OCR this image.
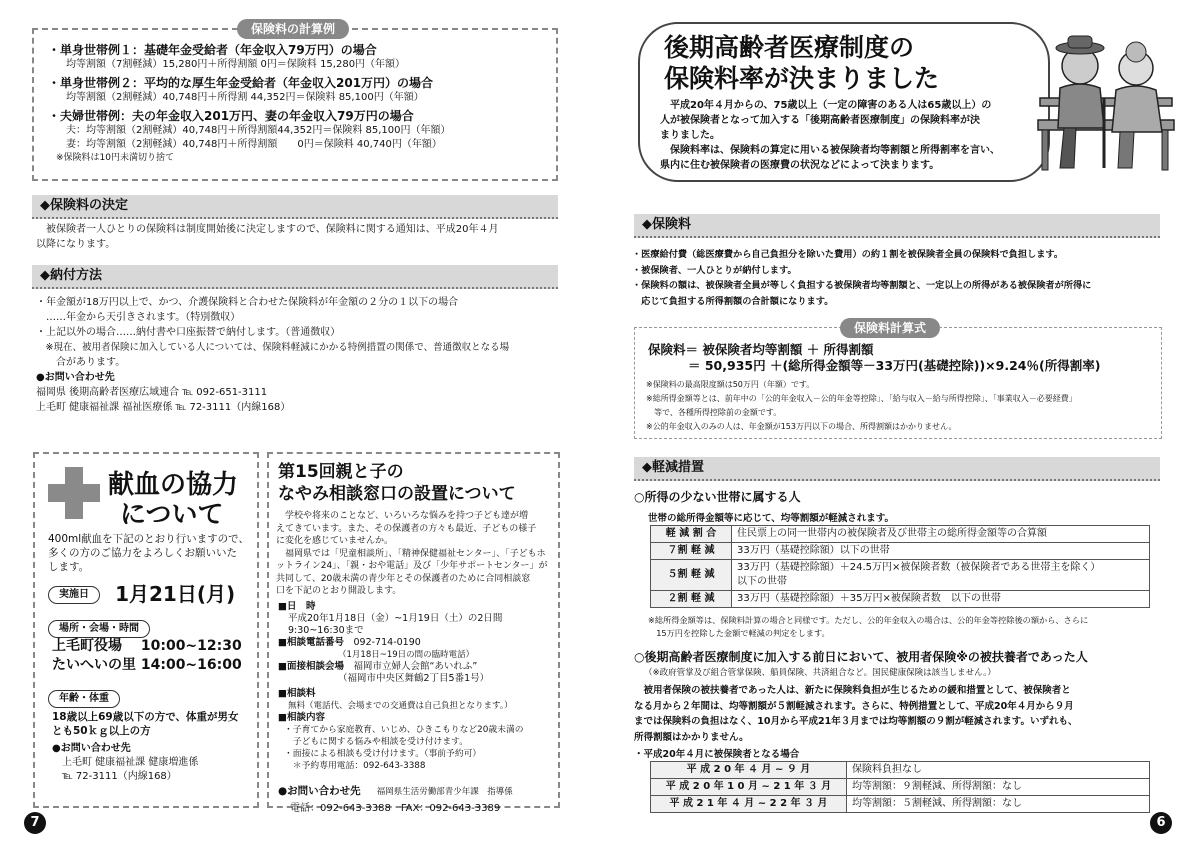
保険料の計算例
・単身世帯例１：基礎年金受給者（年金収入79万円）の場合
均等割額（7割軽減）15,280円＋所得割額 0円＝保険料 15,280円（年額）
・単身世帯例２：平均的な厚生年金受給者（年金収入201万円）の場合
均等割額（2割軽減）40,748円＋所得割 44,352円＝保険料 85,100円（年額）
・夫婦世帯例：夫の年金収入201万円、妻の年金収入79万円の場合
夫：均等割額（2割軽減）40,748円＋所得割額44,352円＝保険料 85,100円（年額）
妻：均等割額（2割軽減）40,748円＋所得割額　　0円＝保険料 40,740円（年額）
※保険料は10円未満切り捨て
◆保険料の決定
　被保険者一人ひとりの保険料は制度開始後に決定しますので、保険料に関する通知は、平成20年４月
以降になります。
◆納付方法
・年金額が18万円以上で、かつ、介護保険料と合わせた保険料が年金額の２分の１以下の場合
　……年金から天引きされます。（特別徴収）
・上記以外の場合……納付書や口座振替で納付します。（普通徴収）
　※現在、被用者保険に加入している人については、保険料軽減にかかる特例措置の関係で、普通徴収となる場
　　合があります。
●お問い合わせ先
福岡県 後期高齢者医療広域連合 ℡ 092-651-3111
上毛町 健康福祉課 福祉医療係 ℡ 72-3111（内線168）
献血の協力
について
400ml献血を下記のとおり行いますので、
多くの方のご協力をよろしくお願いいた
します。
実施日 1月21日(月)
場所・会場・時間
上毛町役場　 10:00~12:30
たいへいの里 14:00~16:00
年齢・体重
18歳以上69歳以下の方で、体重が男女
とも50ｋｇ以上の方
●お問い合わせ先
上毛町 健康福祉課 健康増進係
℡ 72-3111（内線168）
第15回親と子の
なやみ相談窓口の設置について
　学校や将来のことなど、いろいろな悩みを持つ子ども達が増
えてきています。また、その保護者の方々も最近、子どもの様子
に変化を感じていませんか。
　福岡県では「児童相談所」、「精神保健福祉センター」、「子どもホ
ットライン24」、「親・おや電話」及び「少年サポートセンター」が
共同して、20歳未満の青少年とその保護者のために合同相談窓
口を下記のとおり開設します。
■日　時
平成20年1月18日（金）~1月19日（土）の2日間
9:30~16:30まで
■相談電話番号　 092-714-0190
（1月18日~19日の間の臨時電話）
■面接相談会場　 福岡市立婦人会館“あいれふ”
（福岡市中央区舞鶴2丁目5番1号）
■相談料
無料（電話代、会場までの交通費は自己負担となります。）
■相談内容
・子育てから家庭教育、いじめ、ひきこもりなど20歳未満の
　子どもに関する悩みや相談を受け付けます。
・面接による相談も受け付けます。（事前予約可）
　＊予約専用電話：092-643-3388
●お問い合わせ先　 福岡県生活労働部青少年課　指導係
電話：092-643-3388　FAX：092-643-3389
7
後期高齢者医療制度の
保険料率が決まりました
　平成20年４月からの、75歳以上（一定の障害のある人は65歳以上）の
人が被保険者となって加入する「後期高齢者医療制度」の保険料率が決
まりました。
　保険料率は、保険料の算定に用いる被保険者均等割額と所得割率を言い、
県内に住む被保険者の医療費の状況などによって決まります。
◆保険料
・医療給付費（総医療費から自己負担分を除いた費用）の約１割を被保険者全員の保険料で負担します。
・被保険者、一人ひとりが納付します。
・保険料の額は、被保険者全員が等しく負担する被保険者均等割額と、一定以上の所得がある被保険者が所得に
　応じて負担する所得割額の合計額になります。
保険料計算式
保険料＝ 被保険者均等割額 ＋ 所得割額
＝ 50,935円 ＋(総所得金額等－33万円(基礎控除))×9.24％(所得割率)
※保険料の最高限度額は50万円（年額）です。
※総所得金額等とは、前年中の「公的年金収入－公的年金等控除」、「給与収入－給与所得控除」、「事業収入－必要経費」
　等で、各種所得控除前の金額です。
※公的年金収入のみの人は、年金額が153万円以下の場合、所得割額はかかりません。
◆軽減措置
○所得の少ない世帯に属する人
世帯の総所得金額等に応じて、均等割額が軽減されます。
軽 減 割 合	住民票上の同一世帯内の被保険者及び世帯主の総所得金額等の合算額
７割 軽 減	33万円（基礎控除額）以下の世帯
５割 軽 減	33万円（基礎控除額）＋24.5万円×被保険者数（被保険者である世帯主を除く）
以下の世帯

２割 軽 減	33万円（基礎控除額）＋35万円×被保険者数　以下の世帯
※総所得金額等は、保険料計算の場合と同様です。ただし、公的年金収入の場合は、公的年金等控除後の額から、さらに
　15万円を控除した金額で軽減の判定をします。
○後期高齢者医療制度に加入する前日において、被用者保険※の被扶養者であった人
（※政府管掌及び組合管掌保険、船員保険、共済組合など。国民健康保険は該当しません。）
　被用者保険の被扶養者であった人は、新たに保険料負担が生じるための緩和措置として、被保険者と
なる月から２年間は、均等割額が５割軽減されます。さらに、特例措置として、平成20年４月から９月
までは保険料の負担はなく、10月から平成21年３月までは均等割額の９割が軽減されます。いずれも、
所得割額はかかりません。
・平成20年４月に被保険者となる場合
平 成 2 0 年 ４ 月 ~ ９ 月	保険料負担なし
平 成 2 0 年 1 0 月 ~ 2 1 年 ３ 月	均等割額：９割軽減、所得割額：なし
平 成 2 1 年 ４ 月 ~ 2 2 年 ３ 月	均等割額：５割軽減、所得割額：なし
6
